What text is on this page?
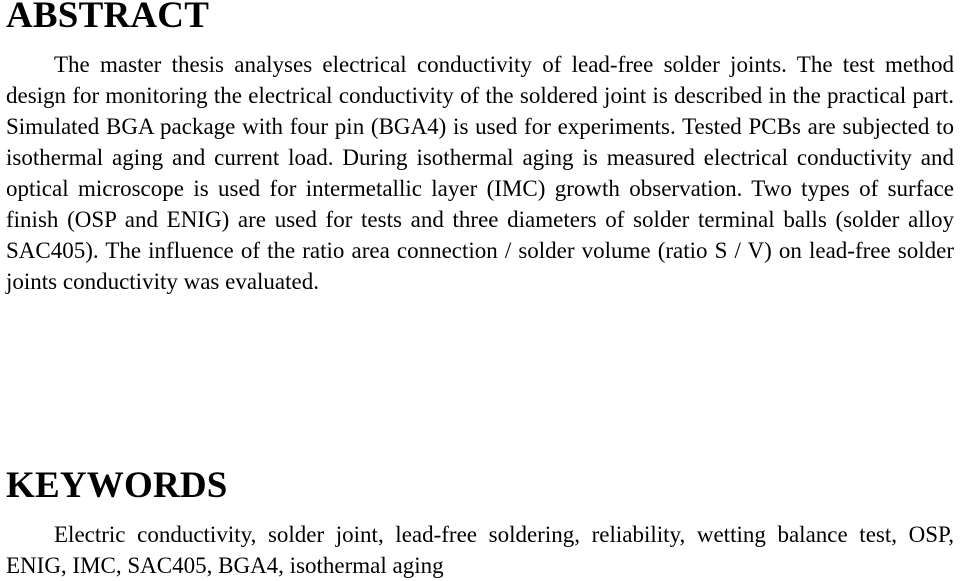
ABSTRACT

The master thesis analyses electrical conductivity of lead-free solder joints. The test method design for monitoring the electrical conductivity of the soldered joint is described in the practical part. Simulated BGA package with four pin (BGA4) is used for experiments. Tested PCBs are subjected to isothermal aging and current load. During isothermal aging is measured electrical conductivity and optical microscope is used for intermetallic layer (IMC) growth observation. Two types of surface finish (OSP and ENIG) are used for tests and three diameters of solder terminal balls (solder alloy SAC405). The influence of the ratio area connection / solder volume (ratio S / V) on lead-free solder joints conductivity was evaluated.

KEYWORDS

Electric conductivity, solder joint, lead-free soldering, reliability, wetting balance test, OSP, ENIG, IMC, SAC405, BGA4, isothermal aging
